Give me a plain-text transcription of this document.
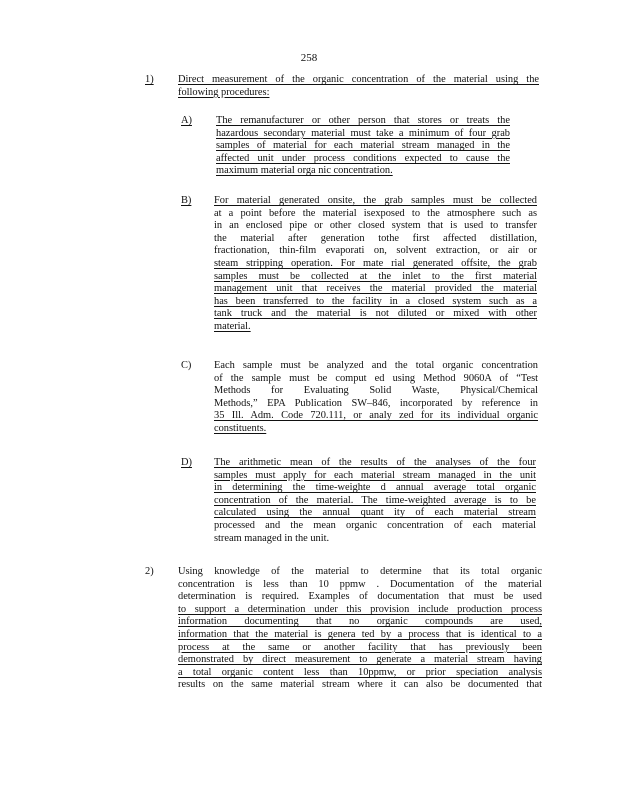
258
1) Direct measurement of the organic concentration of the material using the
following procedures:
A) The remanufacturer or other person that stores or treats the
hazardous secondary material must take a minimum of four grab
samples of material for each material stream managed in the
affected unit under process conditions expected to cause the
maximum material orga nic concentration.
B) For material generated onsite, the grab samples must be collected
at a point before the material isexposed to the atmosphere such as
in an enclosed pipe or other closed system that is used to transfer
the material after generation tothe first affected distillation,
fractionation, thin-film evaporati on, solvent extraction, or air or
steam stripping operation. For mate rial generated offsite, the grab
samples must be collected at the inlet to the first material
management unit that receives the material provided the material
has been transferred to the facility in a closed system such as a
tank truck and the material is not diluted or mixed with other
material.
C) Each sample must be analyzed and the total organic concentration
of the sample must be comput ed using Method 9060A of “Test
Methods for Evaluating Solid Waste, Physical/Chemical
Methods,” EPA Publication SW–846, incorporated by reference in
35 Ill. Adm. Code 720.111, or analy zed for its individual organic
constituents.
D) The arithmetic mean of the results of the analyses of the four
samples must apply for each material stream managed in the unit
in determining the time-weighte d annual average total organic
concentration of the material. The time-weighted average is to be
calculated using the annual quant ity of each material stream
processed and the mean organic concentration of each material
stream managed in the unit.
2) Using knowledge of the material to determine that its total organic
concentration is less than 10 ppmw . Documentation of the material
determination is required. Examples of documentation that must be used
to support a determination under this provision include production process
information documenting that no organic compounds are used,
information that the material is genera ted by a process that is identical to a
process at the same or another facility that has previously been
demonstrated by direct measurement to generate a material stream having
a total organic content less than 10ppmw, or prior speciation analysis
results on the same material stream where it can also be documented that
